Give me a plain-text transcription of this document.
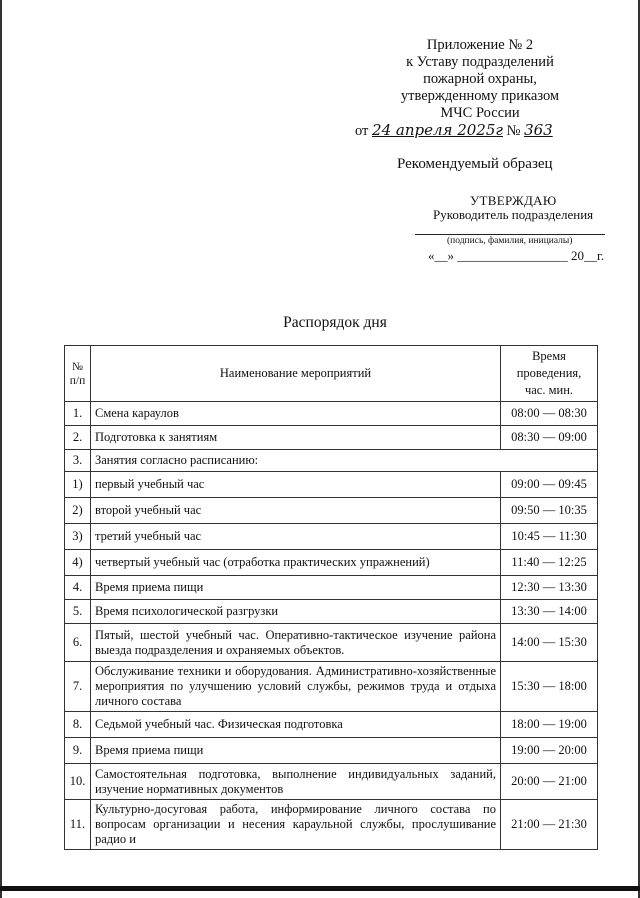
Приложение № 2
к Уставу подразделений
пожарной охраны,
утвержденному приказом
МЧС России
от 24 апреля 2025г № 363
Рекомендуемый образец
УТВЕРЖДАЮ
Руководитель подразделения
(подпись, фамилия, инициалы)
«__» _________________ 20__г.
Распорядок дня
№ п/п	Наименование мероприятий	Время проведения, час. мин.
1.	Смена караулов	08:00 — 08:30
2.	Подготовка к занятиям	08:30 — 09:00
3.	Занятия согласно расписанию:	
1)	первый учебный час	09:00 — 09:45
2)	второй учебный час	09:50 — 10:35
3)	третий учебный час	10:45 — 11:30
4)	четвертый учебный час (отработка практических упражнений)	11:40 — 12:25
4.	Время приема пищи	12:30 — 13:30
5.	Время психологической разгрузки	13:30 — 14:00
6.	Пятый, шестой учебный час. Оперативно-тактическое изучение района выезда подразделения и охраняемых объектов.	14:00 — 15:30
7.	Обслуживание техники и оборудования. Административно-хозяйственные мероприятия по улучшению условий службы, режимов труда и отдыха личного состава	15:30 — 18:00
8.	Седьмой учебный час. Физическая подготовка	18:00 — 19:00
9.	Время приема пищи	19:00 — 20:00
10.	Самостоятельная подготовка, выполнение индивидуальных заданий, изучение нормативных документов	20:00 — 21:00
11.	Культурно-досуговая работа, информирование личного состава по вопросам организации и несения караульной службы, прослушивание радио и	21:00 — 21:30
